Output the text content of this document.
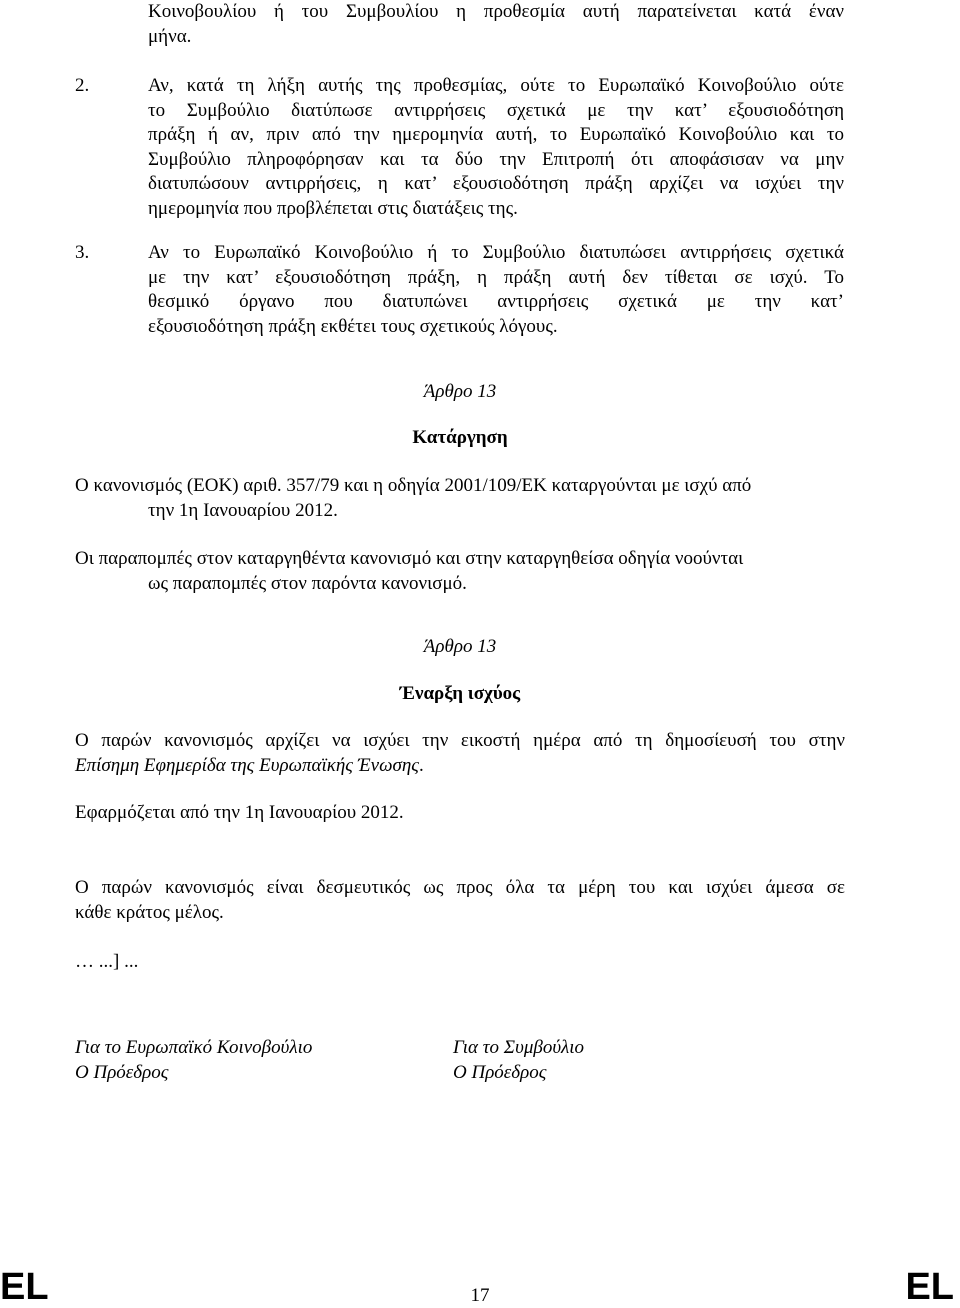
Κοινοβουλίου ή του Συμβουλίου η προθεσμία αυτή παρατείνεται κατά έναν
μήνα.
2.	Αν, κατά τη λήξη αυτής της προθεσμίας, ούτε το Ευρωπαϊκό Κοινοβούλιο ούτε
το Συμβούλιο διατύπωσε αντιρρήσεις σχετικά με την κατ’ εξουσιοδότηση
πράξη ή αν, πριν από την ημερομηνία αυτή, το Ευρωπαϊκό Κοινοβούλιο και το
Συμβούλιο πληροφόρησαν και τα δύο την Επιτροπή ότι αποφάσισαν να μην
διατυπώσουν αντιρρήσεις, η κατ’ εξουσιοδότηση πράξη αρχίζει να ισχύει την
ημερομηνία που προβλέπεται στις διατάξεις της.
3.	Αν το Ευρωπαϊκό Κοινοβούλιο ή το Συμβούλιο διατυπώσει αντιρρήσεις σχετικά
με την κατ’ εξουσιοδότηση πράξη, η πράξη αυτή δεν τίθεται σε ισχύ. Το
θεσμικό όργανο που διατυπώνει αντιρρήσεις σχετικά με την κατ’
εξουσιοδότηση πράξη εκθέτει τους σχετικούς λόγους.
Άρθρο 13
Κατάργηση
Ο κανονισμός (ΕΟΚ) αριθ. 357/79 και η οδηγία 2001/109/ΕΚ καταργούνται με ισχύ από
την 1η Ιανουαρίου 2012.
Οι παραπομπές στον καταργηθέντα κανονισμό και στην καταργηθείσα οδηγία νοούνται
ως παραπομπές στον παρόντα κανονισμό.
Άρθρο 13
Έναρξη ισχύος
Ο παρών κανονισμός αρχίζει να ισχύει την εικοστή ημέρα από τη δημοσίευσή του στην
Επίσημη Εφημερίδα της Ευρωπαϊκής Ένωσης.
Εφαρμόζεται από την 1η Ιανουαρίου 2012.
Ο παρών κανονισμός είναι δεσμευτικός ως προς όλα τα μέρη του και ισχύει άμεσα σε
κάθε κράτος μέλος.
… ...] ...
Για το Ευρωπαϊκό Κοινοβούλιο
Ο Πρόεδρος
Για το Συμβούλιο
Ο Πρόεδρος
EL	17	EL
